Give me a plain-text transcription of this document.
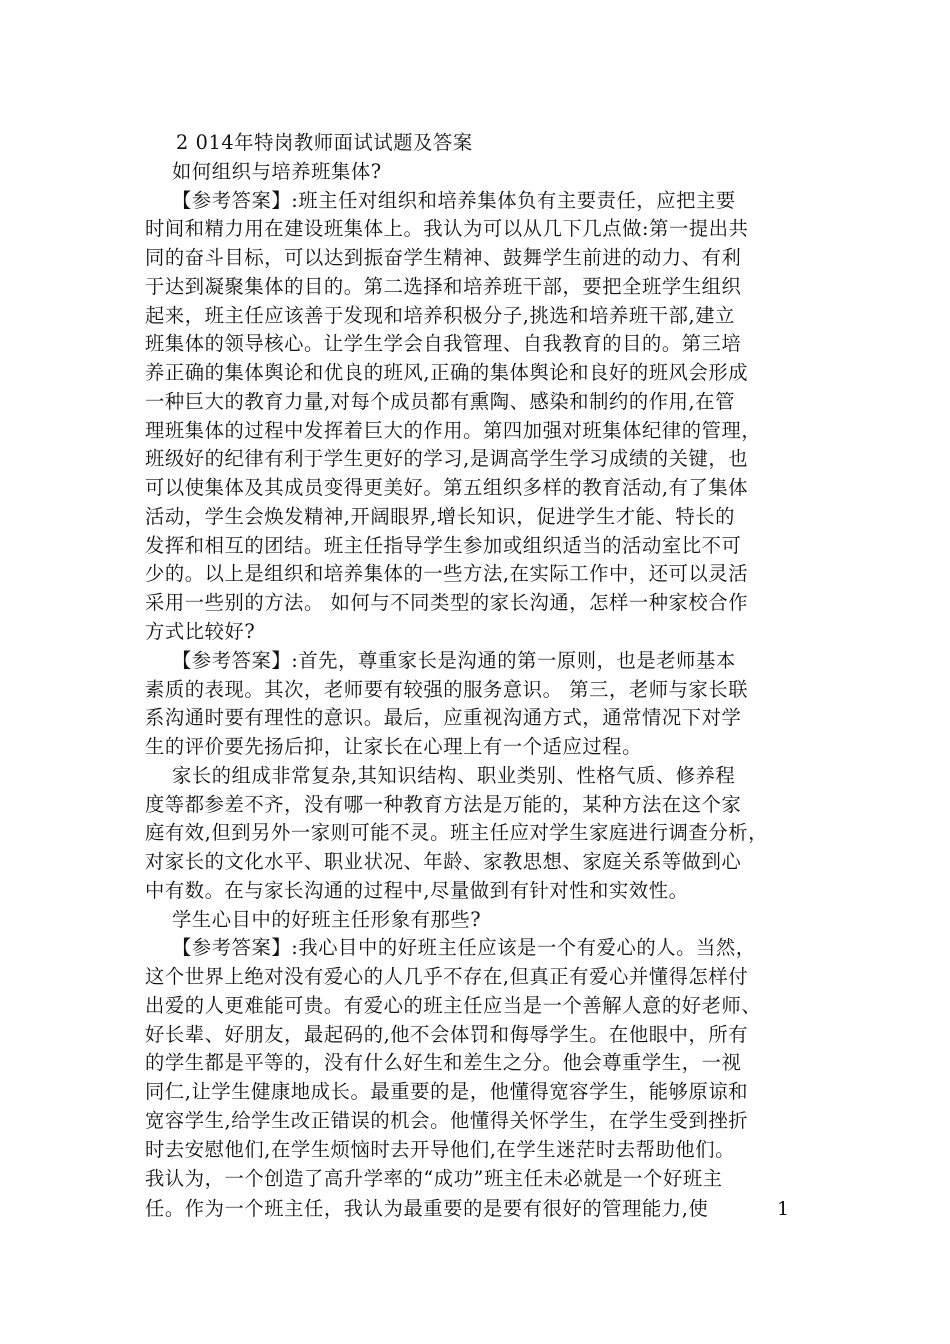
2 014年特岗教师面试试题及答案
如何组织与培养班集体?
【参考答案】:班主任对组织和培养集体负有主要责任，应把主要
时间和精力用在建设班集体上。我认为可以从几下几点做:第一提出共
同的奋斗目标，可以达到振奋学生精神、鼓舞学生前进的动力、有利
于达到凝聚集体的目的。第二选择和培养班干部，要把全班学生组织
起来，班主任应该善于发现和培养积极分子,挑选和培养班干部,建立
班集体的领导核心。让学生学会自我管理、自我教育的目的。第三培
养正确的集体舆论和优良的班风,正确的集体舆论和良好的班风会形成
一种巨大的教育力量,对每个成员都有熏陶、感染和制约的作用,在管
理班集体的过程中发挥着巨大的作用。第四加强对班集体纪律的管理，
班级好的纪律有利于学生更好的学习,是调高学生学习成绩的关键，也
可以使集体及其成员变得更美好。第五组织多样的教育活动,有了集体
活动，学生会焕发精神,开阔眼界,增长知识，促进学生才能、特长的
发挥和相互的团结。班主任指导学生参加或组织适当的活动室比不可
少的。以上是组织和培养集体的一些方法,在实际工作中，还可以灵活
采用一些别的方法。 如何与不同类型的家长沟通，怎样一种家校合作
方式比较好?
【参考答案】:首先，尊重家长是沟通的第一原则，也是老师基本
素质的表现。其次，老师要有较强的服务意识。 第三，老师与家长联
系沟通时要有理性的意识。最后，应重视沟通方式，通常情况下对学
生的评价要先扬后抑，让家长在心理上有一个适应过程。
家长的组成非常复杂,其知识结构、职业类别、性格气质、修养程
度等都参差不齐，没有哪一种教育方法是万能的，某种方法在这个家
庭有效,但到另外一家则可能不灵。班主任应对学生家庭进行调查分析，
对家长的文化水平、职业状况、年龄、家教思想、家庭关系等做到心
中有数。在与家长沟通的过程中,尽量做到有针对性和实效性。
学生心目中的好班主任形象有那些?
【参考答案】:我心目中的好班主任应该是一个有爱心的人。当然，
这个世界上绝对没有爱心的人几乎不存在,但真正有爱心并懂得怎样付
出爱的人更难能可贵。有爱心的班主任应当是一个善解人意的好老师、
好长辈、好朋友，最起码的,他不会体罚和侮辱学生。在他眼中，所有
的学生都是平等的，没有什么好生和差生之分。他会尊重学生，一视
同仁,让学生健康地成长。最重要的是，他懂得宽容学生，能够原谅和
宽容学生,给学生改正错误的机会。他懂得关怀学生，在学生受到挫折
时去安慰他们,在学生烦恼时去开导他们,在学生迷茫时去帮助他们。
我认为，一个创造了高升学率的“成功”班主任未必就是一个好班主
任。作为一个班主任，我认为最重要的是要有很好的管理能力,使	1
